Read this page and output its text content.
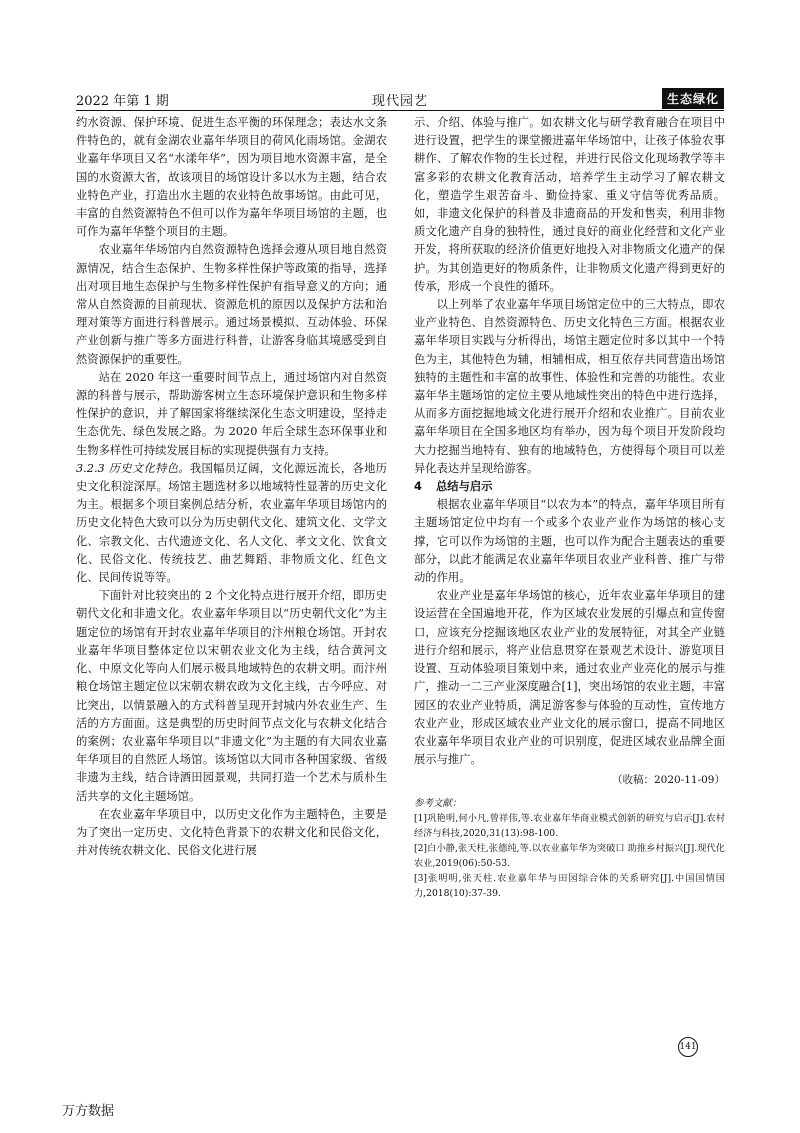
2022 年第 1 期	现代园艺	生态绿化

约水资源、保护环境、促进生态平衡的环保理念；表达水文条件特色的，就有金湖农业嘉年华项目的荷风化雨场馆。金湖农业嘉年华项目又名“水漾年华”，因为项目地水资源丰富，是全国的水资源大省，故该项目的场馆设计多以水为主题，结合农业特色产业，打造出水主题的农业特色故事场馆。由此可见，丰富的自然资源特色不但可以作为嘉年华项目场馆的主题，也可作为嘉年华整个项目的主题。

农业嘉年华场馆内自然资源特色选择会遵从项目地自然资源情况，结合生态保护、生物多样性保护等政策的指导，选择出对项目地生态保护与生物多样性保护有指导意义的方向；通常从自然资源的目前现状、资源危机的原因以及保护方法和治理对策等方面进行科普展示。通过场景模拟、互动体验、环保产业创新与推广等多方面进行科普，让游客身临其境感受到自然资源保护的重要性。

站在 2020 年这一重要时间节点上，通过场馆内对自然资源的科普与展示，帮助游客树立生态环境保护意识和生物多样性保护的意识，并了解国家将继续深化生态文明建设，坚持走生态优先、绿色发展之路。为 2020 年后全球生态环保事业和生物多样性可持续发展目标的实现提供强有力支持。

3.2.3 历史文化特色。我国幅员辽阔，文化源远流长，各地历史文化积淀深厚。场馆主题选材多以地域特性显著的历史文化为主。根据多个项目案例总结分析，农业嘉年华项目场馆内的历史文化特色大致可以分为历史朝代文化、建筑文化、文学文化、宗教文化、古代遗迹文化、名人文化、孝文文化、饮食文化、民俗文化、传统技艺、曲艺舞蹈、非物质文化、红色文化、民间传说等等。

下面针对比较突出的 2 个文化特点进行展开介绍，即历史朝代文化和非遗文化。农业嘉年华项目以“历史朝代文化”为主题定位的场馆有开封农业嘉年华项目的汴州粮仓场馆。开封农业嘉年华项目整体定位以宋朝农业文化为主线，结合黄河文化、中原文化等向人们展示极具地域特色的农耕文明。而汴州粮仓场馆主题定位以宋朝农耕农政为文化主线，古今呼应、对比突出，以情景融入的方式科普呈现开封城内外农业生产、生活的方方面面。这是典型的历史时间节点文化与农耕文化结合的案例；农业嘉年华项目以“非遗文化”为主题的有大同农业嘉年华项目的自然匠人场馆。该场馆以大同市各种国家级、省级非遗为主线，结合诗酒田园景观，共同打造一个艺术与质朴生活共享的文化主题场馆。

在农业嘉年华项目中，以历史文化作为主题特色，主要是为了突出一定历史、文化特色背景下的农耕文化和民俗文化，并对传统农耕文化、民俗文化进行展

示、介绍、体验与推广。如农耕文化与研学教育融合在项目中进行设置，把学生的课堂搬进嘉年华场馆中，让孩子体验农事耕作、了解农作物的生长过程，并进行民俗文化现场教学等丰富多彩的农耕文化教育活动，培养学生主动学习了解农耕文化，塑造学生艰苦奋斗、勤俭持家、重义守信等优秀品质。如，非遗文化保护的科普及非遗商品的开发和售卖，利用非物质文化遗产自身的独特性，通过良好的商业化经营和文化产业开发，将所获取的经济价值更好地投入对非物质文化遗产的保护。为其创造更好的物质条件，让非物质文化遗产得到更好的传承，形成一个良性的循环。

以上列举了农业嘉年华项目场馆定位中的三大特点，即农业产业特色、自然资源特色、历史文化特色三方面。根据农业嘉年华项目实践与分析得出，场馆主题定位时多以其中一个特色为主，其他特色为辅，相辅相成，相互依存共同营造出场馆独特的主题性和丰富的故事性、体验性和完善的功能性。农业嘉年华主题场馆的定位主要从地域性突出的特色中进行选择，从而多方面挖掘地域文化进行展开介绍和农业推广。目前农业嘉年华项目在全国多地区均有举办，因为每个项目开发阶段均大力挖掘当地特有、独有的地域特色，方使得每个项目可以差异化表达并呈现给游客。

4 总结与启示

根据农业嘉年华项目“以农为本”的特点，嘉年华项目所有主题场馆定位中均有一个或多个农业产业作为场馆的核心支撑，它可以作为场馆的主题，也可以作为配合主题表达的重要部分，以此才能满足农业嘉年华项目农业产业科普、推广与带动的作用。

农业产业是嘉年华场馆的核心，近年农业嘉年华项目的建设运营在全国遍地开花，作为区域农业发展的引爆点和宣传窗口，应该充分挖掘该地区农业产业的发展特征，对其全产业链进行介绍和展示，将产业信息贯穿在景观艺术设计、游览项目设置、互动体验项目策划中来，通过农业产业亮化的展示与推广，推动一二三产业深度融合[1]，突出场馆的农业主题，丰富园区的农业产业特质，满足游客参与体验的互动性，宣传地方农业产业，形成区域农业产业文化的展示窗口，提高不同地区农业嘉年华项目农业产业的可识别度，促进区域农业品牌全面展示与推广。

（收稿：2020-11-09）
参考文献：
[1]巩艳明,何小凡,曾祥伟,等.农业嘉年华商业模式创新的研究与启示[J].农村经济与科技,2020,31(13):98-100.
[2]白小静,张天柱,张德纯,等.以农业嘉年华为突破口 助推乡村振兴[J].现代化农业,2019(06):50-53.
[3]张明明,张天柱.农业嘉年华与田园综合体的关系研究[J].中国国情国力,2018(10):37-39.
141
万方数据
